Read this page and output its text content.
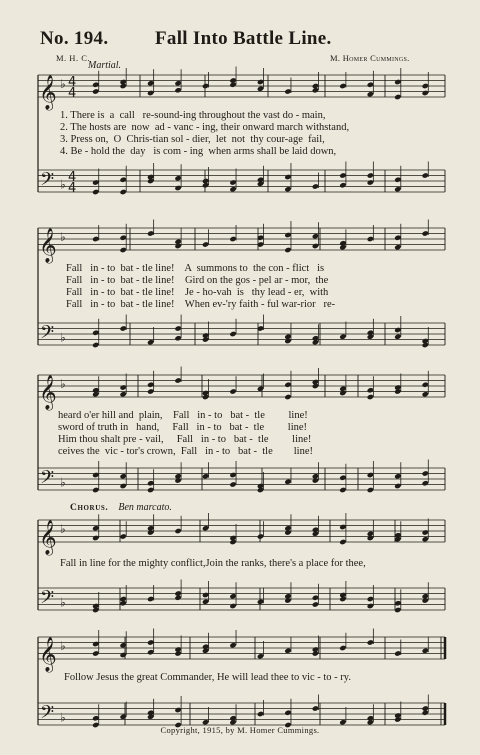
No. 194. Fall Into Battle Line.
M. H. C.	M. Homer Cummings.
Martial.
𝄞
𝄢
♭
♭
4
4
4
4
𝄞
𝄢
♭
♭
𝄞
𝄢
♭
♭
𝄞
𝄢
♭
♭
𝄞
𝄢
♭
♭
1. There is  a  call   re-sound-ing throughout the vast do - main,
2. The hosts are  now  ad - vanc - ing, their onward march withstand,
3. Press on,  O  Chris-tian sol - dier,  let  not  thy cour-age  fail,
4. Be - hold the  day   is com - ing  when arms shall be laid down,
Fall   in - to  bat - tle line!    A  summons to  the con - flict   is
Fall   in - to  bat - tle line!    Gird on the gos - pel ar - mor,  the
Fall   in - to  bat - tle line!    Je - ho-vah  is   thy lead - er,  with
Fall   in - to  bat - tle line!    When ev-'ry faith - ful war-rior   re-
heard o'er hill and  plain,    Fall   in - to   bat -  tle         line!
sword of truth in   hand,     Fall   in - to   bat -  tle         line!
Him thou shalt pre - vail,     Fall   in - to   bat -  tle         line!
ceives the  vic - tor's crown,  Fall   in - to   bat -  tle        line!
Chorus. Ben marcato.
Fall in line for the mighty conflict,Join the ranks, there's a place for thee,
Follow Jesus the great Commander, He will lead thee to vic - to - ry.
Copyright, 1915, by M. Homer Cummings.
